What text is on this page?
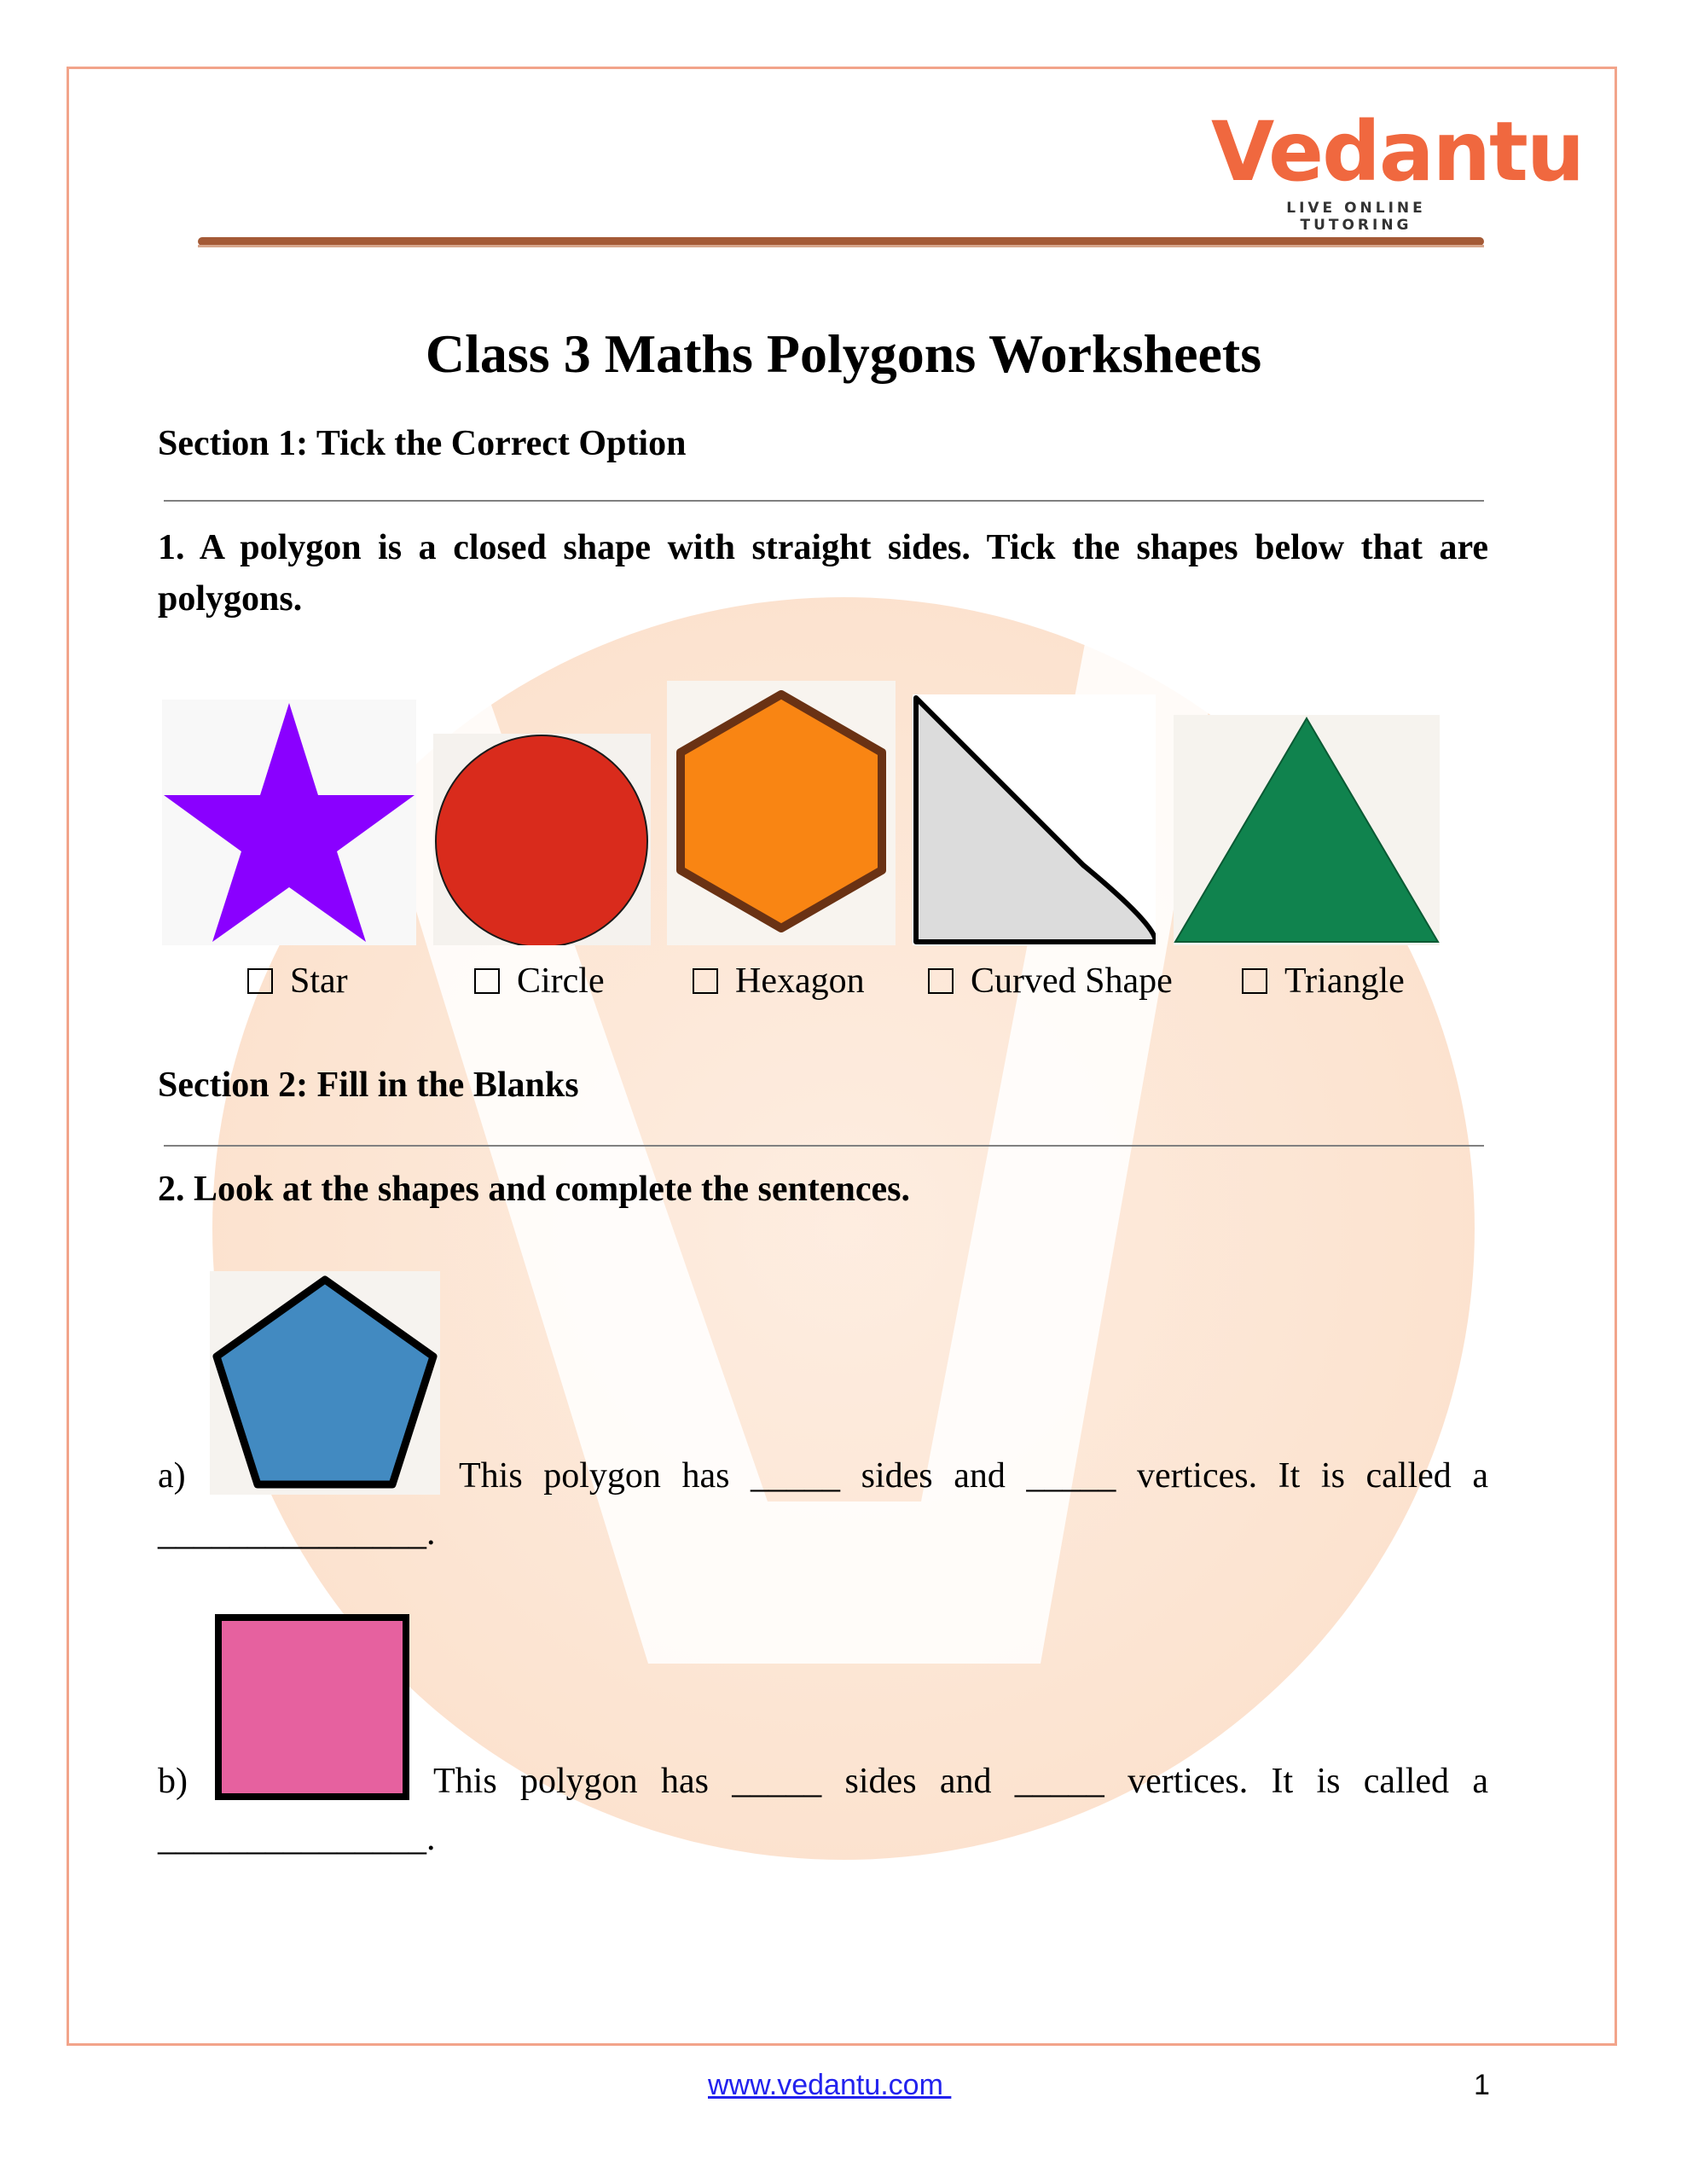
Vedantu
LIVE ONLINE TUTORING
Class 3 Maths Polygons Worksheets
Section 1: Tick the Correct Option
1. A polygon is a closed shape with straight sides. Tick the shapes below that are polygons.
Star	Circle	Hexagon	Curved Shape	Triangle
Section 2: Fill in the Blanks
2. Look at the shapes and complete the sentences.
a)	This polygon has _____ sides and _____ vertices. It is called a
_______________.
b)	This polygon has _____ sides and _____ vertices. It is called a
_______________.
www.vedantu.com	1
